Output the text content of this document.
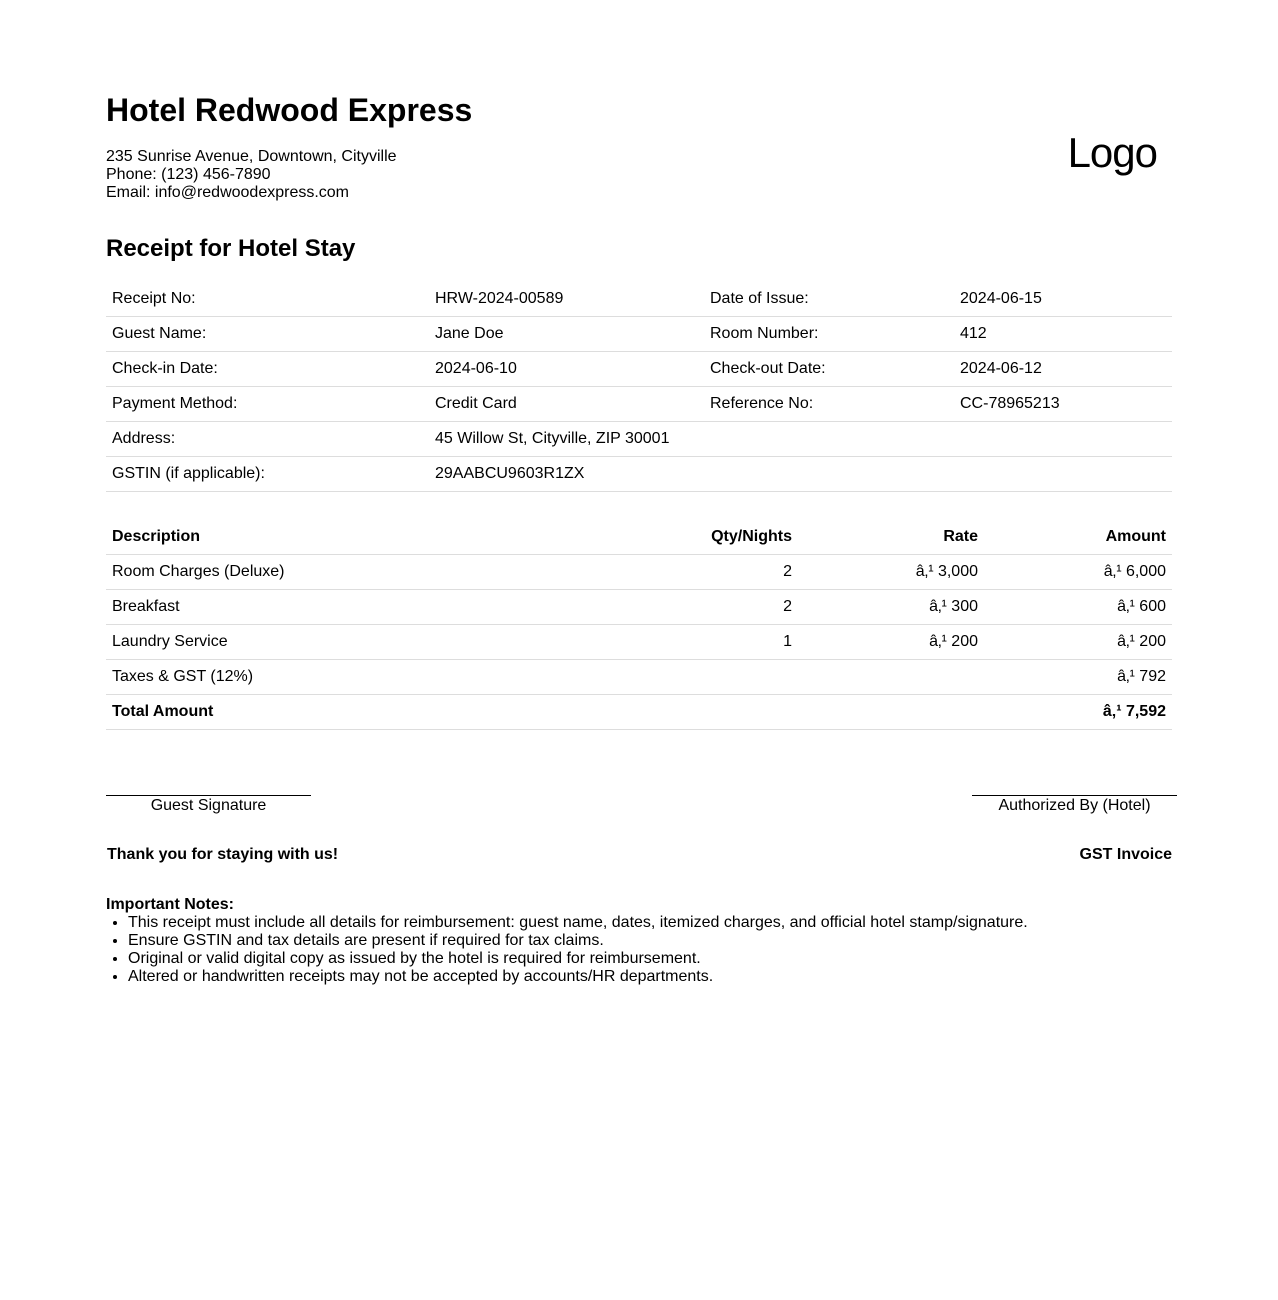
Hotel Redwood Express
235 Sunrise Avenue, Downtown, Cityville
Phone: (123) 456-7890
Email: info@redwoodexpress.com
Logo
Receipt for Hotel Stay
Receipt No:	HRW-2024-00589	Date of Issue:	2024-06-15
Guest Name:	Jane Doe	Room Number:	412
Check-in Date:	2024-06-10	Check-out Date:	2024-06-12
Payment Method:	Credit Card	Reference No:	CC-78965213
Address:	45 Willow St, Cityville, ZIP 30001		
GSTIN (if applicable):	29AABCU9603R1ZX		
Description	Qty/Nights	Rate	Amount
Room Charges (Deluxe)	2	â‚¹ 3,000	â‚¹ 6,000
Breakfast	2	â‚¹ 300	â‚¹ 600
Laundry Service	1	â‚¹ 200	â‚¹ 200
Taxes & GST (12%)			â‚¹ 792
Total Amount			â‚¹ 7,592
Guest Signature	Authorized By (Hotel)
Thank you for staying with us!	GST Invoice
Important Notes:
• This receipt must include all details for reimbursement: guest name, dates, itemized charges, and official hotel stamp/signature.
• Ensure GSTIN and tax details are present if required for tax claims.
• Original or valid digital copy as issued by the hotel is required for reimbursement.
• Altered or handwritten receipts may not be accepted by accounts/HR departments.
